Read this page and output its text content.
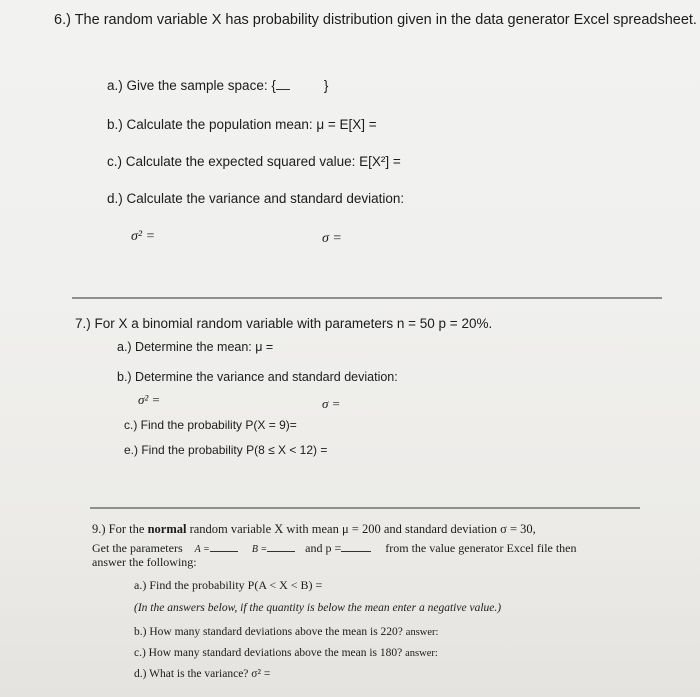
6.) The random variable X has probability distribution given in the data generator Excel spreadsheet.
a.) Give the sample space: {	}
b.) Calculate the population mean: μ = E[X] =
c.) Calculate the expected squared value: E[X²] =
d.) Calculate the variance and standard deviation:
σ² =	σ =
7.) For X a binomial random variable with parameters n = 50 p = 20%.
a.) Determine the mean: μ =
b.) Determine the variance and standard deviation:
σ² =	σ =
c.) Find the probability P(X = 9)=
e.) Find the probability P(8 ≤ X < 12) =
9.) For the normal random variable X with mean μ = 200 and standard deviation σ = 30,
Get the parameters A =	B =	and p =	from the value generator Excel file then
answer the following:
a.) Find the probability P(A < X < B) =
(In the answers below, if the quantity is below the mean enter a negative value.)
b.) How many standard deviations above the mean is 220? answer:
c.) How many standard deviations above the mean is 180? answer:
d.) What is the variance? σ² =
